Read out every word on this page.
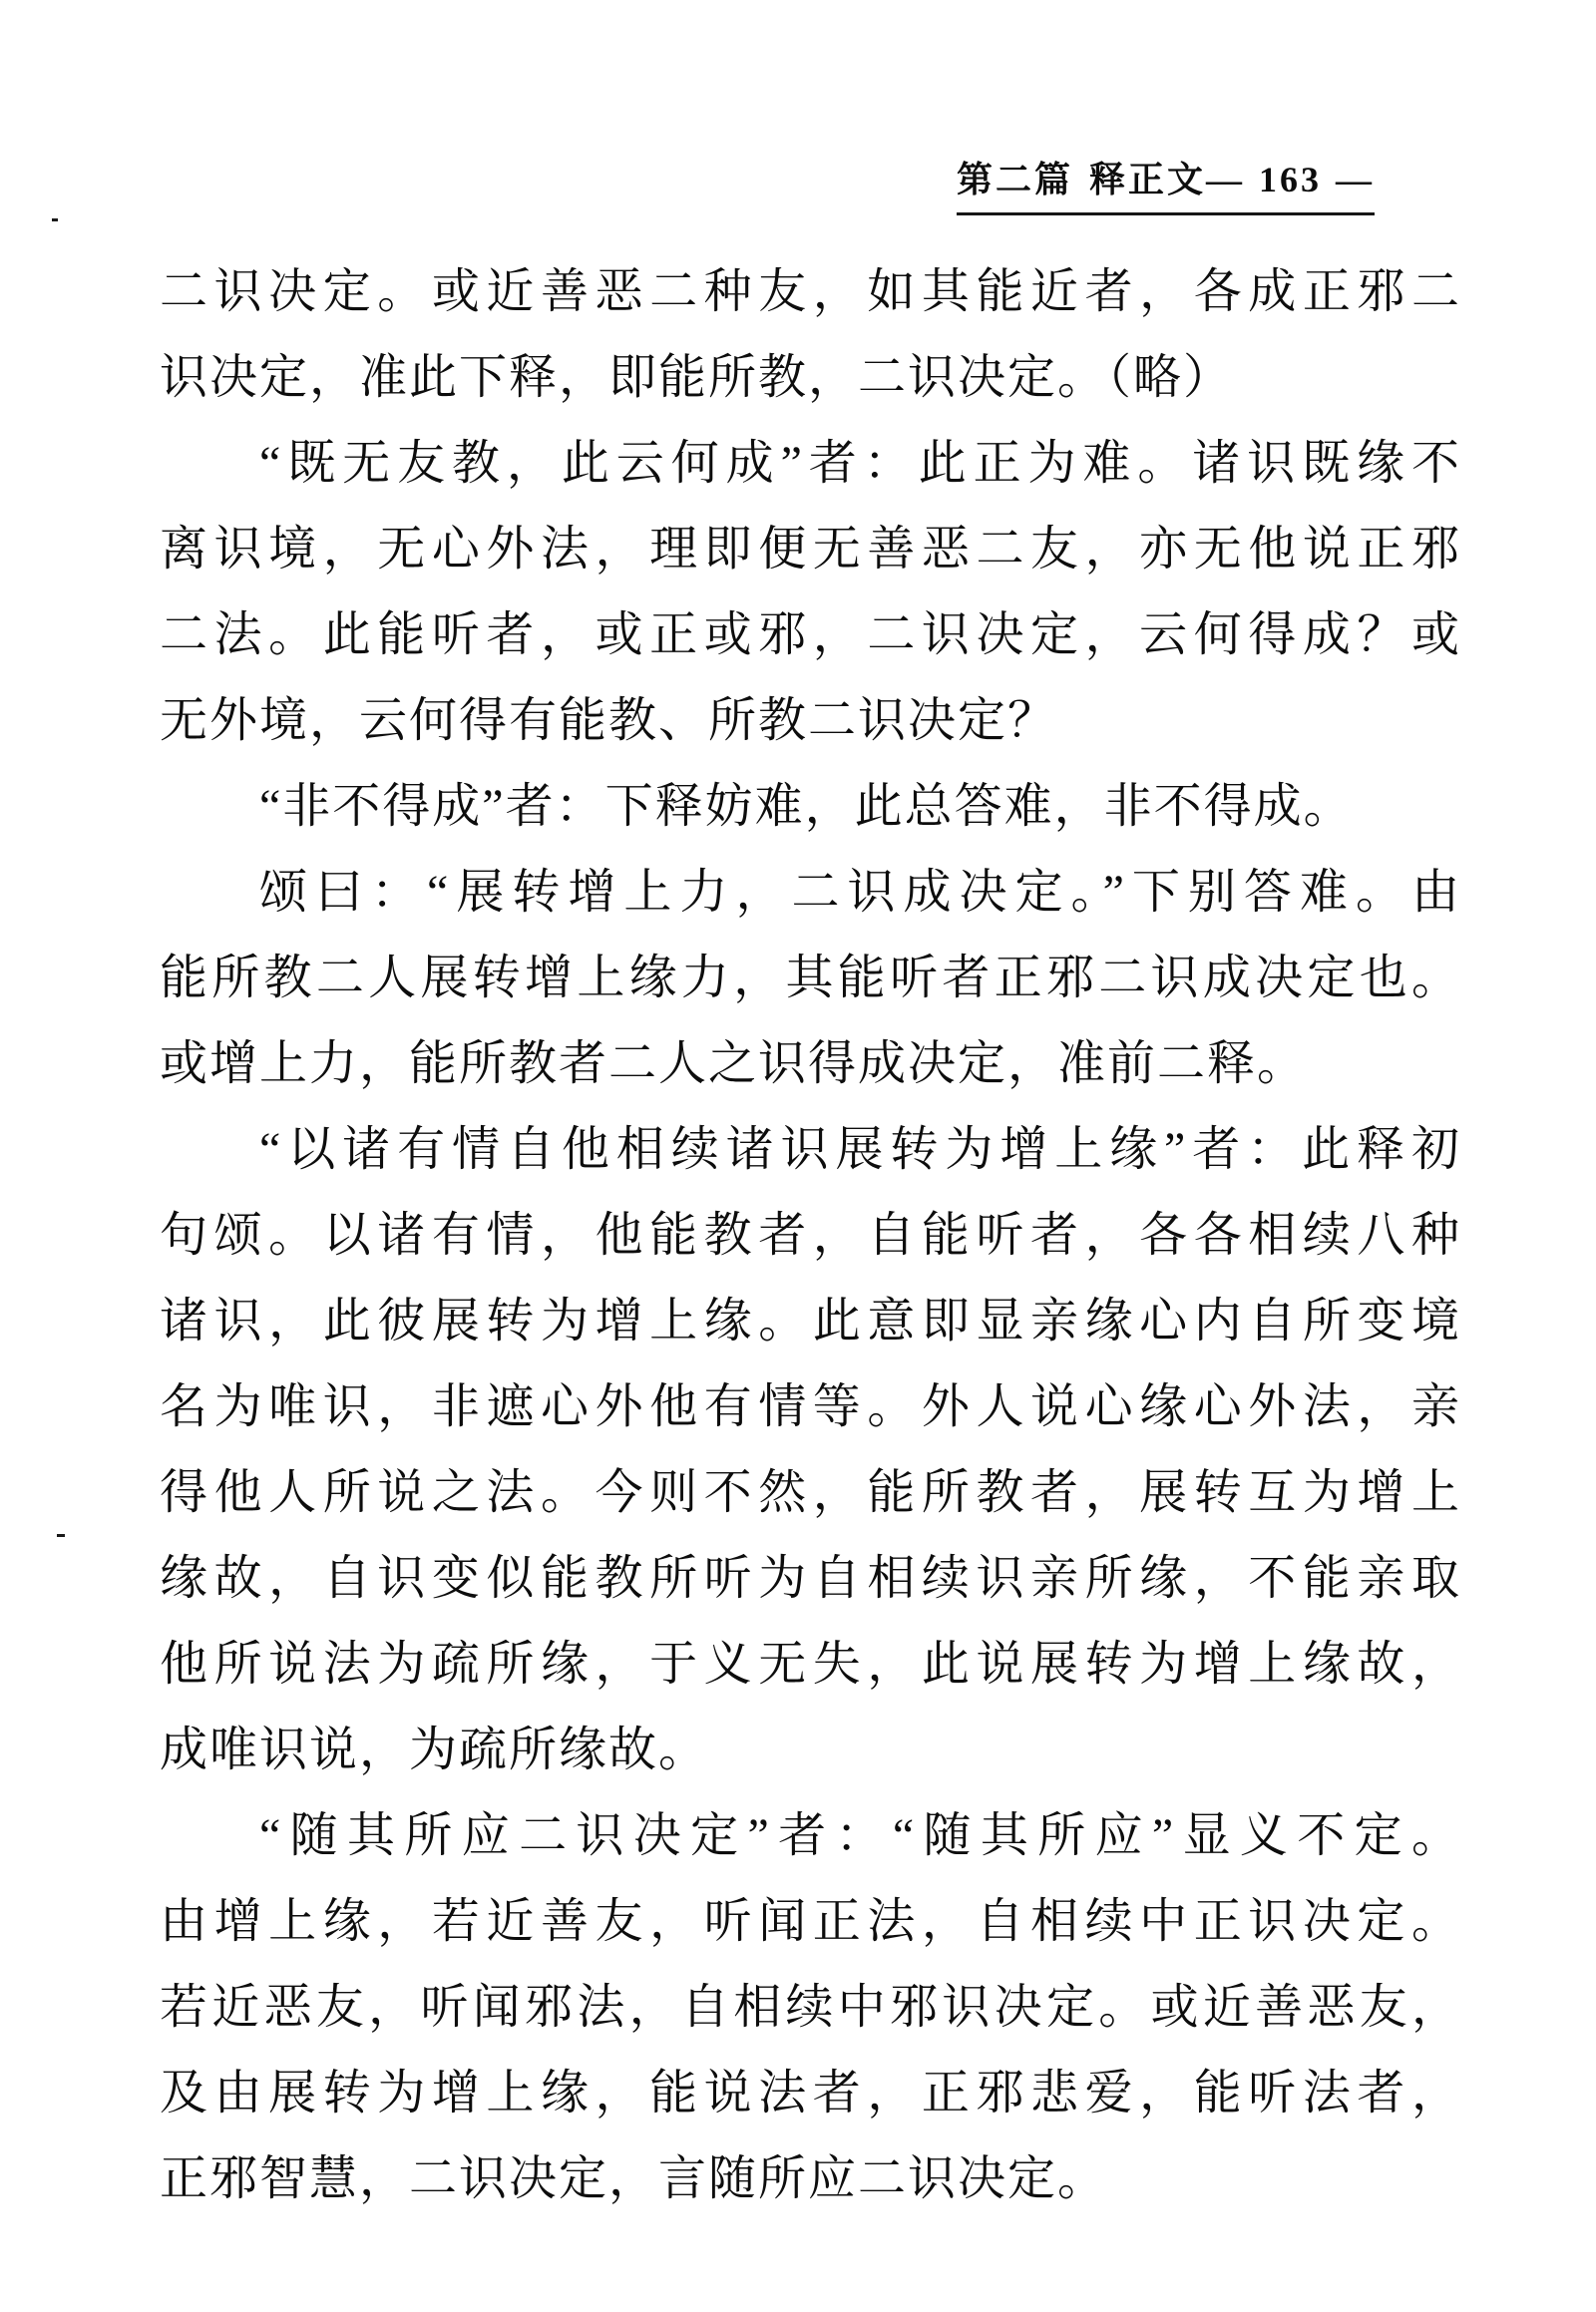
第二篇 释正文— 163 —
二识决定。或近善恶二种友，如其能近者，各成正邪二
识决定，准此下释，即能所教，二识决定。（略）
“既无友教，此云何成”者：此正为难。诸识既缘不
离识境，无心外法，理即便无善恶二友，亦无他说正邪
二法。此能听者，或正或邪，二识决定，云何得成？或
无外境，云何得有能教、所教二识决定？
“非不得成”者：下释妨难，此总答难，非不得成。
颂曰：“展转增上力，二识成决定。”下别答难。由
能所教二人展转增上缘力，其能听者正邪二识成决定也。
或增上力，能所教者二人之识得成决定，准前二释。
“以诸有情自他相续诸识展转为增上缘”者：此释初
句颂。以诸有情，他能教者，自能听者，各各相续八种
诸识，此彼展转为增上缘。此意即显亲缘心内自所变境
名为唯识，非遮心外他有情等。外人说心缘心外法，亲
得他人所说之法。今则不然，能所教者，展转互为增上
缘故，自识变似能教所听为自相续识亲所缘，不能亲取
他所说法为疏所缘，于义无失，此说展转为增上缘故，
成唯识说，为疏所缘故。
“随其所应二识决定”者：“随其所应”显义不定。
由增上缘，若近善友，听闻正法，自相续中正识决定。
若近恶友，听闻邪法，自相续中邪识决定。或近善恶友，
及由展转为增上缘，能说法者，正邪悲爱，能听法者，
正邪智慧，二识决定，言随所应二识决定。
